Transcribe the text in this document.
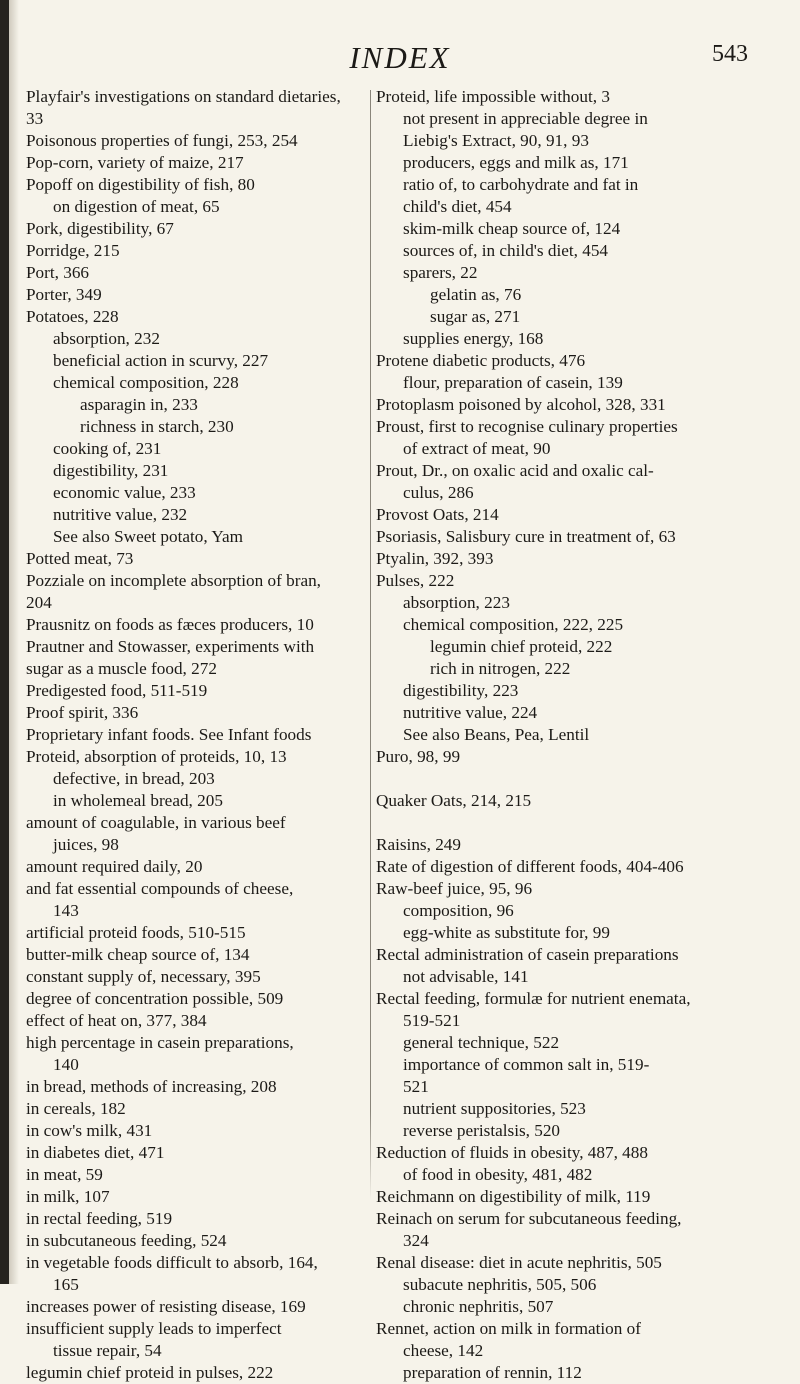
INDEX	543
Playfair's investigations on standard dietaries,
33
Poisonous properties of fungi, 253, 254
Pop-corn, variety of maize, 217
Popoff on digestibility of fish, 80
on digestion of meat, 65
Pork, digestibility, 67
Porridge, 215
Port, 366
Porter, 349
Potatoes, 228
absorption, 232
beneficial action in scurvy, 227
chemical composition, 228
asparagin in, 233
richness in starch, 230
cooking of, 231
digestibility, 231
economic value, 233
nutritive value, 232
See also Sweet potato, Yam
Potted meat, 73
Pozziale on incomplete absorption of bran,
204
Prausnitz on foods as fæces producers, 10
Prautner and Stowasser, experiments with
sugar as a muscle food, 272
Predigested food, 511-519
Proof spirit, 336
Proprietary infant foods. See Infant foods
Proteid, absorption of proteids, 10, 13
defective, in bread, 203
in wholemeal bread, 205
amount of coagulable, in various beef
juices, 98
amount required daily, 20
and fat essential compounds of cheese,
143
artificial proteid foods, 510-515
butter-milk cheap source of, 134
constant supply of, necessary, 395
degree of concentration possible, 509
effect of heat on, 377, 384
high percentage in casein preparations,
140
in bread, methods of increasing, 208
in cereals, 182
in cow's milk, 431
in diabetes diet, 471
in meat, 59
in milk, 107
in rectal feeding, 519
in subcutaneous feeding, 524
in vegetable foods difficult to absorb, 164,
165
increases power of resisting disease, 169
insufficient supply leads to imperfect
tissue repair, 54
legumin chief proteid in pulses, 222
Proteid, life impossible without, 3
not present in appreciable degree in
Liebig's Extract, 90, 91, 93
producers, eggs and milk as, 171
ratio of, to carbohydrate and fat in
child's diet, 454
skim-milk cheap source of, 124
sources of, in child's diet, 454
sparers, 22
gelatin as, 76
sugar as, 271
supplies energy, 168
Protene diabetic products, 476
flour, preparation of casein, 139
Protoplasm poisoned by alcohol, 328, 331
Proust, first to recognise culinary properties
of extract of meat, 90
Prout, Dr., on oxalic acid and oxalic cal-
culus, 286
Provost Oats, 214
Psoriasis, Salisbury cure in treatment of, 63
Ptyalin, 392, 393
Pulses, 222
absorption, 223
chemical composition, 222, 225
legumin chief proteid, 222
rich in nitrogen, 222
digestibility, 223
nutritive value, 224
See also Beans, Pea, Lentil
Puro, 98, 99
Quaker Oats, 214, 215
Raisins, 249
Rate of digestion of different foods, 404-406
Raw-beef juice, 95, 96
composition, 96
egg-white as substitute for, 99
Rectal administration of casein preparations
not advisable, 141
Rectal feeding, formulæ for nutrient enemata,
519-521
general technique, 522
importance of common salt in, 519-
521
nutrient suppositories, 523
reverse peristalsis, 520
Reduction of fluids in obesity, 487, 488
of food in obesity, 481, 482
Reichmann on digestibility of milk, 119
Reinach on serum for subcutaneous feeding,
324
Renal disease: diet in acute nephritis, 505
subacute nephritis, 505, 506
chronic nephritis, 507
Rennet, action on milk in formation of
cheese, 142
preparation of rennin, 112
